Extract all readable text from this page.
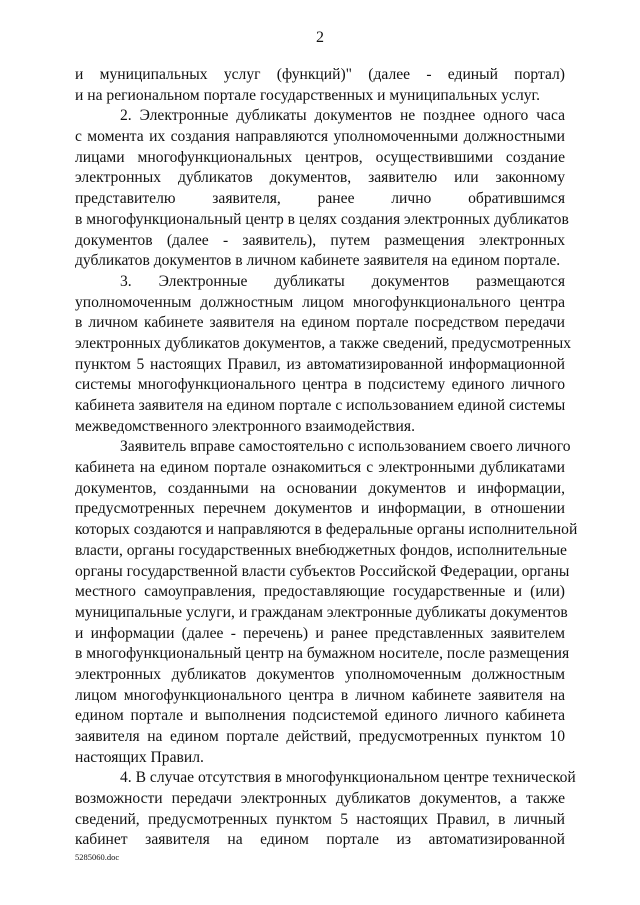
2
и муниципальных услуг (функций)" (далее - единый портал)
и на региональном портале государственных и муниципальных услуг.
2. Электронные дубликаты документов не позднее одного часа
с момента их создания направляются уполномоченными должностными
лицами многофункциональных центров, осуществившими создание
электронных дубликатов документов, заявителю или законному
представителю заявителя, ранее лично обратившимся
в многофункциональный центр в целях создания электронных дубликатов
документов (далее - заявитель), путем размещения электронных
дубликатов документов в личном кабинете заявителя на едином портале.
3. Электронные дубликаты документов размещаются
уполномоченным должностным лицом многофункционального центра
в личном кабинете заявителя на едином портале посредством передачи
электронных дубликатов документов, а также сведений, предусмотренных
пунктом 5 настоящих Правил, из автоматизированной информационной
системы многофункционального центра в подсистему единого личного
кабинета заявителя на едином портале с использованием единой системы
межведомственного электронного взаимодействия.
Заявитель вправе самостоятельно с использованием своего личного
кабинета на едином портале ознакомиться с электронными дубликатами
документов, созданными на основании документов и информации,
предусмотренных перечнем документов и информации, в отношении
которых создаются и направляются в федеральные органы исполнительной
власти, органы государственных внебюджетных фондов, исполнительные
органы государственной власти субъектов Российской Федерации, органы
местного самоуправления, предоставляющие государственные и (или)
муниципальные услуги, и гражданам электронные дубликаты документов
и информации (далее - перечень) и ранее представленных заявителем
в многофункциональный центр на бумажном носителе, после размещения
электронных дубликатов документов уполномоченным должностным
лицом многофункционального центра в личном кабинете заявителя на
едином портале и выполнения подсистемой единого личного кабинета
заявителя на едином портале действий, предусмотренных пунктом 10
настоящих Правил.
4. В случае отсутствия в многофункциональном центре технической
возможности передачи электронных дубликатов документов, а также
сведений, предусмотренных пунктом 5 настоящих Правил, в личный
кабинет заявителя на едином портале из автоматизированной
5285060.doc
